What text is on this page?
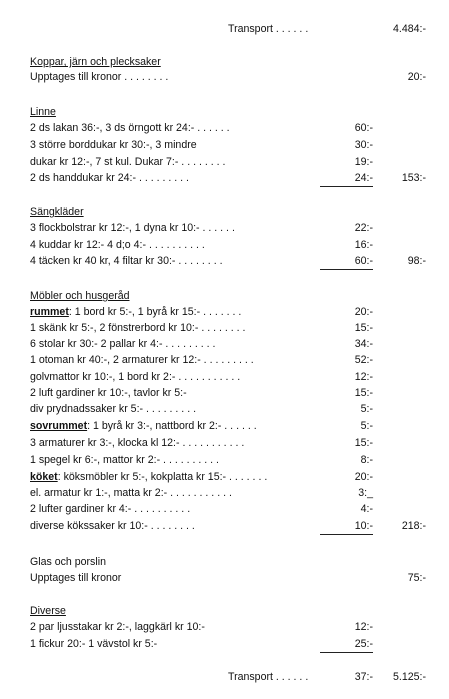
Transport . . . . . .	4.484:-
Koppar, järn och plecksaker
Upptages till kronor . . . . . . . .	20:-
Linne
2 ds lakan 36:-, 3 ds örngott kr 24:- . . . . . .	60:-
3 större borddukar kr 30:-, 3 mindre	30:-
dukar kr 12:-, 7 st kul. Dukar 7:- . . . . . . . .	19:-
2 ds handdukar kr 24:- . . . . . . . . .	24:-	153:-
Sängkläder
3 flockbolstrar kr 12:-, 1 dyna kr 10:- . . . . . .	22:-
4 kuddar kr 12:- 4 d;o 4:- . . . . . . . . . .	16:-
4 täcken kr 40 kr, 4 filtar kr 30:- . . . . . . . .	60:-	98:-
Möbler och husgeråd
rummet: 1 bord kr 5:-, 1 byrå kr 15:- . . . . . . .	20:-
1 skänk kr 5:-, 2 fönstrerbord kr 10:- . . . . . . . .	15:-
6 stolar kr 30:- 2 pallar kr 4:- . . . . . . . . .	34:-
1 otoman kr 40:-, 2 armaturer kr 12:- . . . . . . . . .	52:-
golvmattor kr 10:-, 1 bord kr 2:- . . . . . . . . . . .	12:-
2 luft gardiner kr 10:-, tavlor kr 5:-	15:-
div prydnadssaker kr 5:- . . . . . . . . .	5:-
sovrummet: 1 byrå kr 3:-, nattbord kr 2:- . . . . . .	5:-
3 armaturer kr 3:-, klocka kl 12:- . . . . . . . . . . .	15:-
1 spegel kr 6:-, mattor kr 2:- . . . . . . . . . .	8:-
köket: köksmöbler kr 5:-, kokplatta kr 15:- . . . . . . .	20:-
el. armatur kr 1:-, matta kr 2:- . . . . . . . . . . .	3:_
2 lufter gardiner kr 4:- . . . . . . . . . .	4:-
diverse kökssaker kr 10:- . . . . . . . .	10:-	218:-
Glas och porslin
Upptages till kronor	75:-
Diverse
2 par ljusstakar kr 2:-, laggkärl kr 10:-	12:-
1 fickur 20:- 1 vävstol kr 5:-	25:-
Transport . . . . . .	37:- 5.125:-
